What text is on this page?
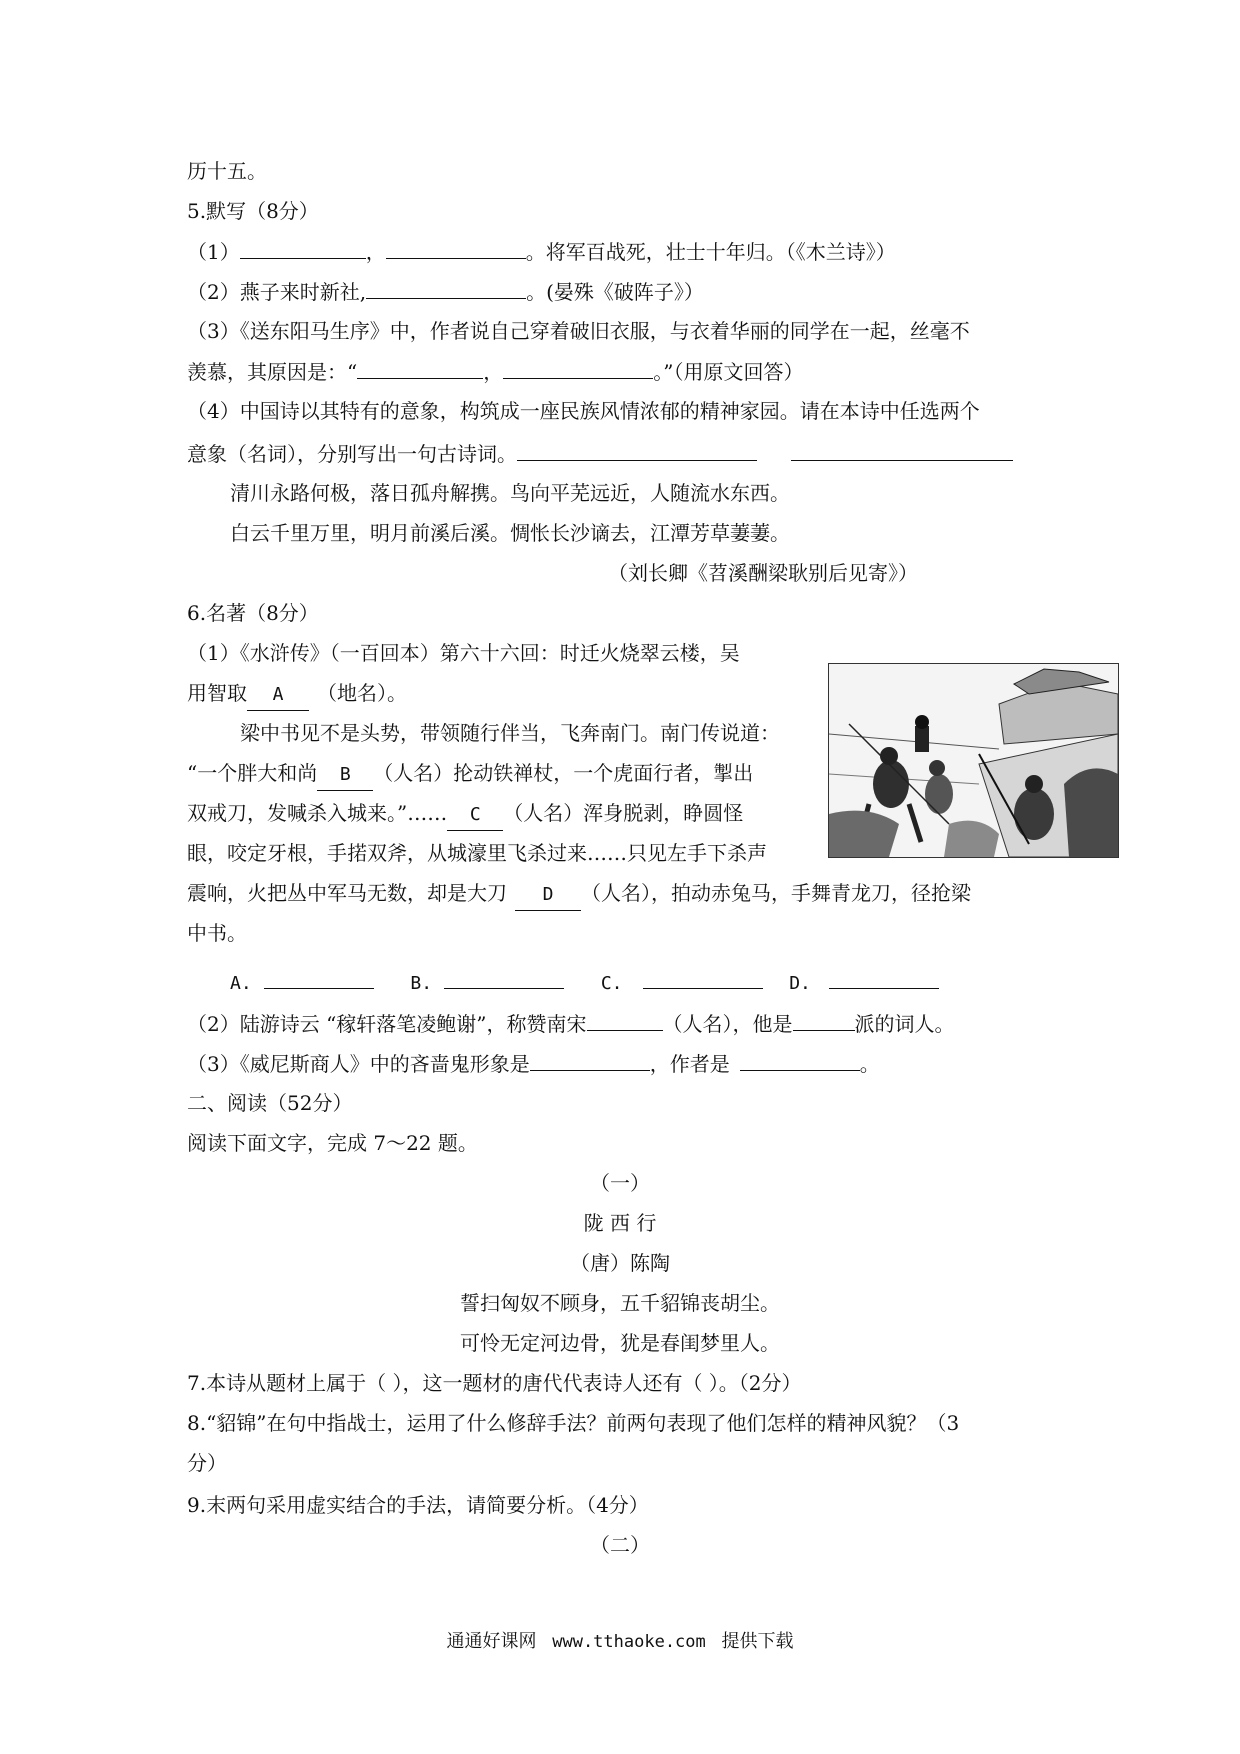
历十五。
5.默写（8分）
（1）	，	。将军百战死，壮士十年归。（《木兰诗》）
（2）燕子来时新社,	。(晏殊《破阵子》）
（3）《送东阳马生序》中，作者说自己穿着破旧衣服，与衣着华丽的同学在一起，丝毫不
羡慕，其原因是：“	，	。”（用原文回答）
（4）中国诗以其特有的意象，构筑成一座民族风情浓郁的精神家园。请在本诗中任选两个
意象（名词），分别写出一句古诗词。
清川永路何极，落日孤舟解携。鸟向平芜远近，人随流水东西。
白云千里万里，明月前溪后溪。惆怅长沙谪去，江潭芳草萋萋。
（刘长卿《苕溪酬梁耿别后见寄》）
6.名著（8分）
（1）《水浒传》（一百回本）第六十六回：时迁火烧翠云楼，吴
用智取 A （地名）。
梁中书见不是头势，带领随行伴当，飞奔南门。南门传说道：
“一个胖大和尚 B （人名）抡动铁禅杖，一个虎面行者，掣出
双戒刀，发喊杀入城来。”…… C （人名）浑身脱剥，睁圆怪
眼，咬定牙根，手掿双斧，从城濠里飞杀过来……只见左手下杀声
震响，火把丛中军马无数，却是大刀 D （人名），拍动赤兔马，手舞青龙刀，径抢梁
中书。
A.	B.	C.	D.
（2）陆游诗云 “稼轩落笔凌鲍谢”，称赞南宋	（人名），他是	派的词人。
（3）《威尼斯商人》中的吝啬鬼形象是	，作者是	。
二、阅读（52分）
阅读下面文字，完成 7～22 题。
（一）
陇 西 行
（唐）陈陶
誓扫匈奴不顾身，五千貂锦丧胡尘。
可怜无定河边骨，犹是春闺梦里人。
7.本诗从题材上属于（ ），这一题材的唐代代表诗人还有（ ）。（2分）
8.“貂锦”在句中指战士，运用了什么修辞手法？前两句表现了他们怎样的精神风貌？（3
分）
9.末两句采用虚实结合的手法，请简要分析。（4分）
（二）
通通好课网 www.tthaoke.com 提供下载
